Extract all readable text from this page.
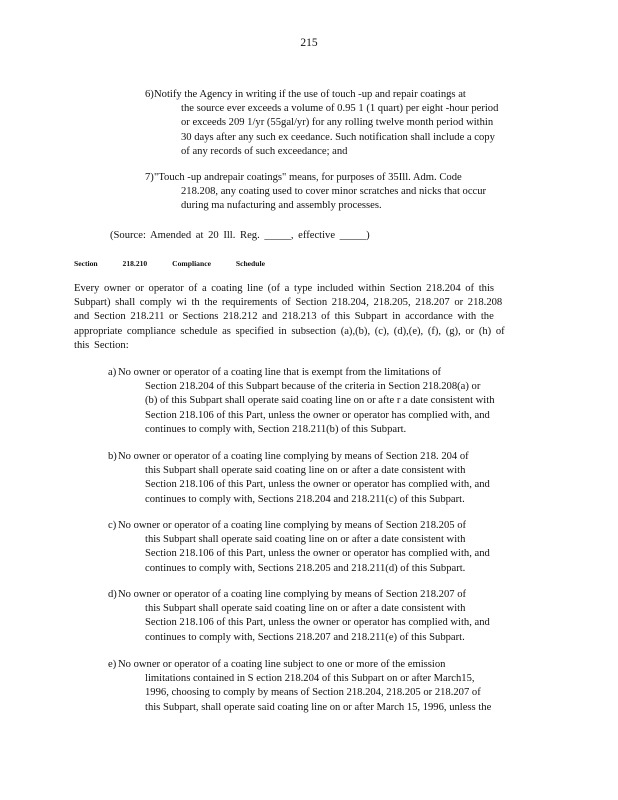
215
6) Notify the Agency in writing if the use of touch -up and repair coatings at
the source ever exceeds a volume of 0.95 1 (1 quart) per eight -hour period
or exceeds 209 1/yr (55gal/yr) for any rolling twelve month period within
30 days after any such ex ceedance. Such notification shall include a copy
of any records of such exceedance; and
7) "Touch -up andrepair coatings" means, for purposes of 35Ill. Adm. Code
218.208, any coating used to cover minor scratches and nicks that occur
during ma nufacturing and assembly processes.
(Source: Amended at 20 Ill. Reg. _____, effective _____)
Section	218.210	Compliance	Schedule
Every owner or operator of a coating line (of a type included within Section 218.204 of this
Subpart) shall comply wi th the requirements of Section 218.204, 218.205, 218.207 or 218.208
and Section 218.211 or Sections 218.212 and 218.213 of this Subpart in accordance with the
appropriate compliance schedule as specified in subsection (a),(b), (c), (d),(e), (f), (g), or (h) of
this Section:
a) No owner or operator of a coating line that is exempt from the limitations of
Section 218.204 of this Subpart because of the criteria in Section 218.208(a) or
(b) of this Subpart shall operate said coating line on or afte r a date consistent with
Section 218.106 of this Part, unless the owner or operator has complied with, and
continues to comply with, Section 218.211(b) of this Subpart.
b) No owner or operator of a coating line complying by means of Section 218. 204 of
this Subpart shall operate said coating line on or after a date consistent with
Section 218.106 of this Part, unless the owner or operator has complied with, and
continues to comply with, Sections 218.204 and 218.211(c) of this Subpart.
c) No owner or operator of a coating line complying by means of Section 218.205 of
this Subpart shall operate said coating line on or after a date consistent with
Section 218.106 of this Part, unless the owner or operator has complied with, and
continues to comply with, Sections 218.205 and 218.211(d) of this Subpart.
d) No owner or operator of a coating line complying by means of Section 218.207 of
this Subpart shall operate said coating line on or after a date consistent with
Section 218.106 of this Part, unless the owner or operator has complied with, and
continues to comply with, Sections 218.207 and 218.211(e) of this Subpart.
e) No owner or operator of a coating line subject to one or more of the emission
limitations contained in S ection 218.204 of this Subpart on or after March15,
1996, choosing to comply by means of Section 218.204, 218.205 or 218.207 of
this Subpart, shall operate said coating line on or after March 15, 1996, unless the
